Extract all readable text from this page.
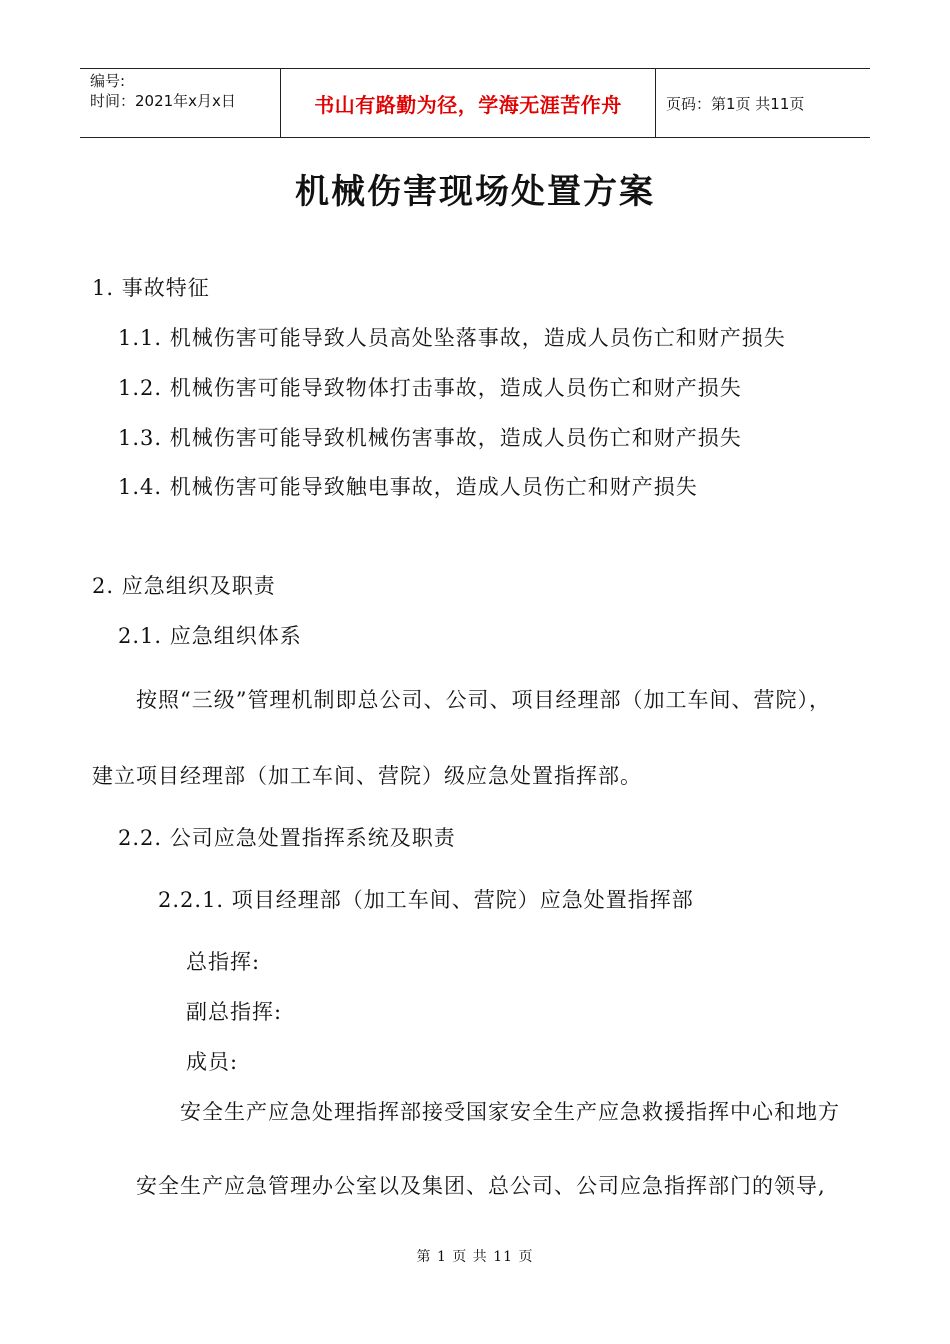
编号:
时间：2021年x月x日	书山有路勤为径，学海无涯苦作舟	页码：第1页 共11页
机械伤害现场处置方案
1. 事故特征
1.1. 机械伤害可能导致人员高处坠落事故，造成人员伤亡和财产损失
1.2. 机械伤害可能导致物体打击事故，造成人员伤亡和财产损失
1.3. 机械伤害可能导致机械伤害事故，造成人员伤亡和财产损失
1.4. 机械伤害可能导致触电事故，造成人员伤亡和财产损失
2. 应急组织及职责
2.1. 应急组织体系
按照“三级”管理机制即总公司、公司、项目经理部（加工车间、营院），
建立项目经理部（加工车间、营院）级应急处置指挥部。
2.2. 公司应急处置指挥系统及职责
2.2.1. 项目经理部（加工车间、营院）应急处置指挥部
总指挥:
副总指挥:
成员:
安全生产应急处理指挥部接受国家安全生产应急救援指挥中心和地方
安全生产应急管理办公室以及集团、总公司、公司应急指挥部门的领导,
第 1 页 共 11 页
